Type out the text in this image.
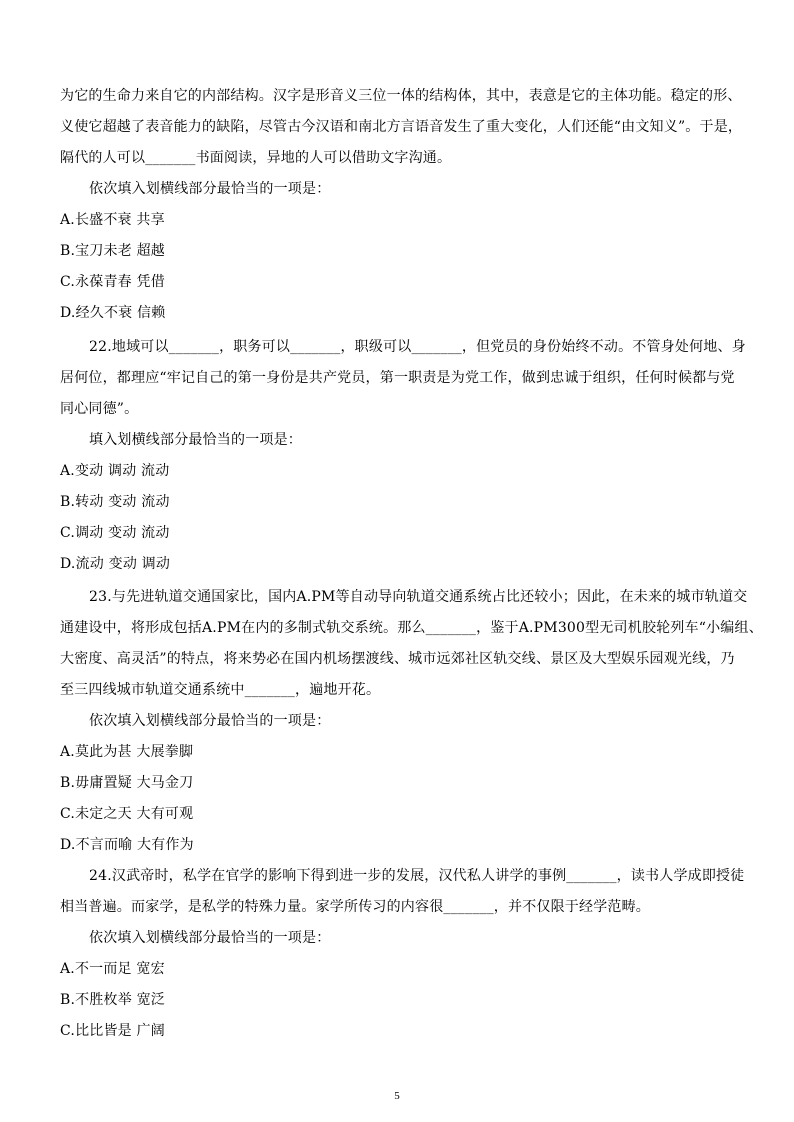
为它的生命力来自它的内部结构。汉字是形音义三位一体的结构体，其中，表意是它的主体功能。稳定的形、
义使它超越了表音能力的缺陷，尽管古今汉语和南北方言语音发生了重大变化，人们还能“由文知义”。于是，
隔代的人可以_______书面阅读，异地的人可以借助文字沟通。
依次填入划横线部分最恰当的一项是：
A.长盛不衰 共享
B.宝刀未老 超越
C.永葆青春 凭借
D.经久不衰 信赖
22.地域可以_______，职务可以_______，职级可以_______，但党员的身份始终不动。不管身处何地、身
居何位，都理应“牢记自己的第一身份是共产党员，第一职责是为党工作，做到忠诚于组织，任何时候都与党
同心同德”。
填入划横线部分最恰当的一项是：
A.变动 调动 流动
B.转动 变动 流动
C.调动 变动 流动
D.流动 变动 调动
23.与先进轨道交通国家比，国内A.PM等自动导向轨道交通系统占比还较小；因此，在未来的城市轨道交
通建设中，将形成包括A.PM在内的多制式轨交系统。那么_______，鉴于A.PM300型无司机胶轮列车“小编组、
大密度、高灵活”的特点，将来势必在国内机场摆渡线、城市远郊社区轨交线、景区及大型娱乐园观光线，乃
至三四线城市轨道交通系统中_______，遍地开花。
依次填入划横线部分最恰当的一项是：
A.莫此为甚 大展拳脚
B.毋庸置疑 大马金刀
C.未定之天 大有可观
D.不言而喻 大有作为
24.汉武帝时，私学在官学的影响下得到进一步的发展，汉代私人讲学的事例_______，读书人学成即授徒
相当普遍。而家学，是私学的特殊力量。家学所传习的内容很_______，并不仅限于经学范畴。
依次填入划横线部分最恰当的一项是：
A.不一而足 宽宏
B.不胜枚举 宽泛
C.比比皆是 广阔
5
